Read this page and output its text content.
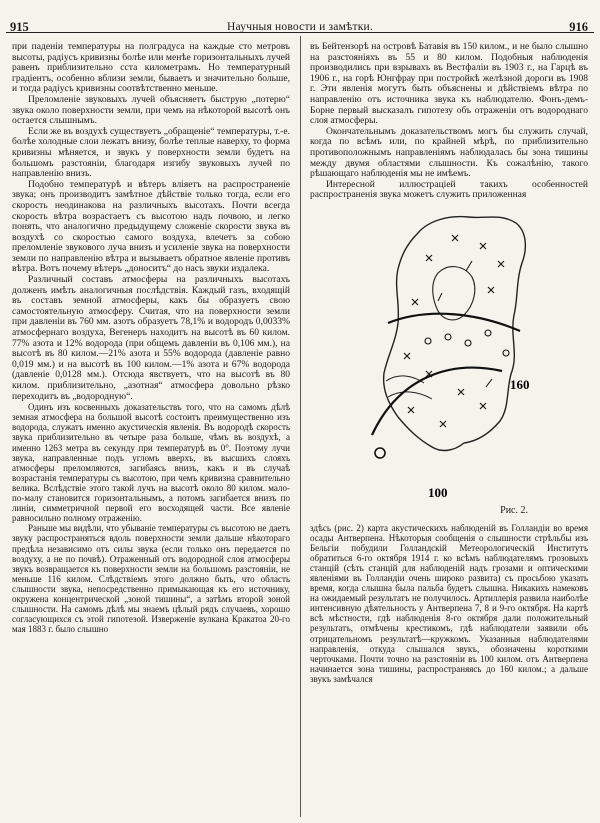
915	Научныя новости и замѣтки.	916

при паденіи температуры на полградуса на каждые сто метровъ высоты, радіусъ кривизны болѣе или менѣе горизонтальныхъ лучей равенъ приблизительно сста километрамъ. Но температурный градіентъ, особенно вблизи земли, бываетъ и значительно больше, и тогда радіусъ кривизны соотвѣтственно меньше.

Преломленіе звуковыхъ лучей объясняетъ быструю „потерю“ звука около поверхности земли, при чемъ на нѣкоторой высотѣ онъ остается слышнымъ.

Если же въ воздухѣ существуетъ „обращеніе“ температуры, т.-е. болѣе холодные слои лежатъ внизу, болѣе теплые наверху, то форма кривизны мѣняется, и звукъ у поверхности земли будетъ на большомъ разстояніи, благодаря изгибу звуковыхъ лучей по направленію внизъ.

Подобно температурѣ и вѣтеръ вліяетъ на распространеніе звука; онъ производитъ замѣтное дѣйствіе только тогда, если его скорость неодинакова на различныхъ высотахъ. Почти всегда скорость вѣтра возрастаетъ съ высотою надъ почвою, и легко понять, что аналогично предыдущему сложеніе скорости звука въ воздухѣ со скоростью самого воздуха, влечетъ за собою преломленіе звукового луча внизъ и усиленіе звука на поверхности земли по направленію вѣтра и вызываетъ обратное явленіе противъ вѣтра. Вотъ почему вѣтеръ „доноситъ“ до насъ звуки издалека.

Различный составъ атмосферы на различныхъ высотахъ долженъ имѣть аналогичныя послѣдствія. Каждый газъ, входящій въ составъ земной атмосферы, какъ бы образуетъ свою самостоятельную атмосферу. Считая, что на поверхности земли при давленіи въ 760 мм. азотъ образуетъ 78,1% и водородъ 0,0033% атмосфернаго воздуха, Вегенеръ находитъ на высотѣ въ 60 килом. 77% азота и 12% водорода (при общемъ давленіи въ 0,106 мм.), на высотѣ въ 80 килом.—21% азота и 55% водорода (давленіе равно 0,019 мм.) и на высотѣ въ 100 килом.—1% азота и 67% водорода (давленіе 0,0128 мм.). Отсюда явствуетъ, что на высотѣ въ 80 килом. приблизительно, „азотная“ атмосфера довольно рѣзко переходитъ въ „водородную“.

Одинъ изъ косвенныхъ доказательствъ того, что на самомъ дѣлѣ земная атмосфера на большой высотѣ состоитъ преимущественно изъ водорода, служатъ именно акустическія явленія. Въ водородѣ скорость звука приблизительно въ четыре раза больше, чѣмъ въ воздухѣ, а именно 1263 метра въ секунду при температурѣ въ 0°. Поэтому лучи звука, направленные подъ угломъ вверхъ, въ высшихъ слояхъ атмосферы преломляются, загибаясь внизъ, какъ и въ случаѣ возрастанія температуры съ высотою, при чемъ кривизна сравнительно велика. Вслѣдствіе этого такой лучъ на высотѣ около 80 килом. мало-по-малу становится горизонтальнымъ, а потомъ загибается внизъ по линіи, симметричной первой его восходящей части. Все явленіе равносильно полному отраженію.

Раньше мы видѣли, что убываніе температуры съ высотою не даетъ звуку распространяться вдоль поверхности земли дальше нѣкотораго предѣла независимо отъ силы звука (если только онъ передается по воздуху, а не по почвѣ). Отраженный отъ водородной слоя атмосферы звукъ возвращается къ поверхности земли на большомъ разстояніи, не меньше 116 килом. Слѣдствіемъ этого должно быть, что область слышности звука, непосредственно примыкающая къ его источнику, окружена концентрической „зоной тишины“, а затѣмъ второй зоной слышности. На самомъ дѣлѣ мы знаемъ цѣлый рядъ случаевъ, хорошо согласующихся съ этой гипотезой. Изверженіе вулкана Кракатоа 20-го мая 1883 г. было слышно

въ Бейтензорѣ на островѣ Батавія въ 150 килом., и не было слышно на разстояніяхъ въ 55 и 80 килом. Подобныя наблюденія производились при взрывахъ въ Вестфаліи въ 1903 г., на Гарцѣ въ 1906 г., на горѣ Юнгфрау при постройкѣ желѣзной дороги въ 1908 г. Эти явленія могутъ быть объяснены и дѣйствіемъ вѣтра по направленію отъ источника звука къ наблюдателю. Фонъ-демъ-Борне первый высказалъ гипотезу объ отраженіи отъ водороднаго слоя атмосферы.

Окончательнымъ доказательствомъ могъ бы служить случай, когда по всѣмъ или, по крайней мѣрѣ, по приблизительно противоположнымъ направленіямъ наблюдалась бы зона тишины между двумя областями слышности. Къ сожалѣнію, такого рѣшающаго наблюденія мы не имѣемъ.

Интересной иллюстраціей такихъ особенностей распространенія звука можетъ служить приложенная

160
100
Рис. 2.

здѣсь (рис. 2) карта акустическихъ наблюденій въ Голландіи во время осады Антверпена. Нѣкоторыя сообщенія о слышности стрѣльбы изъ Бельгіи побудили Голландскій Метеорологическій Институтъ обратиться 6-го октября 1914 г. ко всѣмъ наблюдателямъ грозовыхъ станцій (сѣть станцій для наблюденій надъ грозами и оптическими явленіями въ Голландіи очень широко развита) съ просьбою указать время, когда слышна была пальба будетъ слышна. Никакихъ намековъ на ожидаемый результатъ не получилось. Артиллерія развила наиболѣе интенсивную дѣятельность у Антверпена 7, 8 и 9-го октября. На картѣ всѣ мѣстности, гдѣ наблюденія 8-го октября дали положительный результатъ, отмѣчены крестикомъ, гдѣ наблюдатели заявили объ отрицательномъ результатѣ—кружкомъ. Указанныя наблюдателями направленія, откуда слышался звукъ, обозначены короткими черточками. Почти точно на разстояніи въ 100 килом. отъ Антверпена начинается зона тишины, распространяясь до 160 килом.; а дальше звукъ замѣчался
